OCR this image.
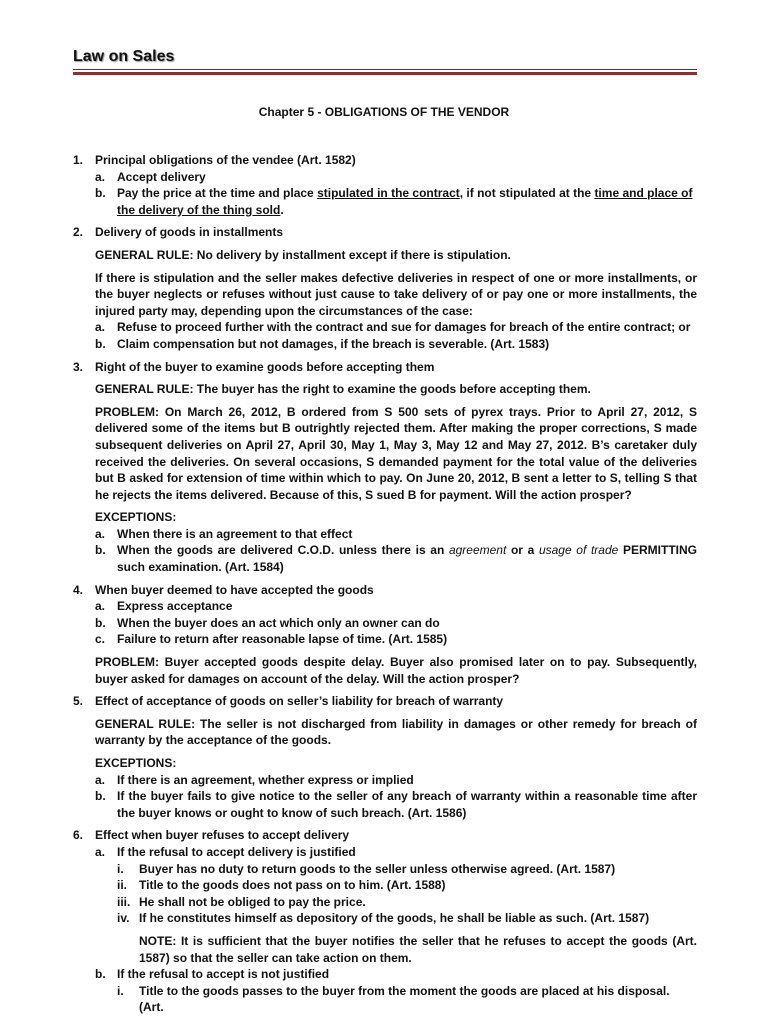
Law on Sales
Chapter 5 - OBLIGATIONS OF THE VENDOR
1. Principal obligations of the vendee (Art. 1582)
a. Accept delivery
b. Pay the price at the time and place stipulated in the contract, if not stipulated at the time and place of the delivery of the thing sold.
2. Delivery of goods in installments
GENERAL RULE: No delivery by installment except if there is stipulation.
If there is stipulation and the seller makes defective deliveries in respect of one or more installments, or the buyer neglects or refuses without just cause to take delivery of or pay one or more installments, the injured party may, depending upon the circumstances of the case:
a. Refuse to proceed further with the contract and sue for damages for breach of the entire contract; or
b. Claim compensation but not damages, if the breach is severable. (Art. 1583)
3. Right of the buyer to examine goods before accepting them
GENERAL RULE: The buyer has the right to examine the goods before accepting them.
PROBLEM: On March 26, 2012, B ordered from S 500 sets of pyrex trays. Prior to April 27, 2012, S delivered some of the items but B outrightly rejected them. After making the proper corrections, S made subsequent deliveries on April 27, April 30, May 1, May 3, May 12 and May 27, 2012. B’s caretaker duly received the deliveries. On several occasions, S demanded payment for the total value of the deliveries but B asked for extension of time within which to pay. On June 20, 2012, B sent a letter to S, telling S that he rejects the items delivered. Because of this, S sued B for payment. Will the action prosper?
EXCEPTIONS:
a. When there is an agreement to that effect
b. When the goods are delivered C.O.D. unless there is an agreement or a usage of trade PERMITTING such examination. (Art. 1584)
4. When buyer deemed to have accepted the goods
a. Express acceptance
b. When the buyer does an act which only an owner can do
c. Failure to return after reasonable lapse of time. (Art. 1585)
PROBLEM: Buyer accepted goods despite delay. Buyer also promised later on to pay. Subsequently, buyer asked for damages on account of the delay. Will the action prosper?
5. Effect of acceptance of goods on seller’s liability for breach of warranty
GENERAL RULE: The seller is not discharged from liability in damages or other remedy for breach of warranty by the acceptance of the goods.
EXCEPTIONS:
a. If there is an agreement, whether express or implied
b. If the buyer fails to give notice to the seller of any breach of warranty within a reasonable time after the buyer knows or ought to know of such breach. (Art. 1586)
6. Effect when buyer refuses to accept delivery
a. If the refusal to accept delivery is justified
i. Buyer has no duty to return goods to the seller unless otherwise agreed. (Art. 1587)
ii. Title to the goods does not pass on to him. (Art. 1588)
iii. He shall not be obliged to pay the price.
iv. If he constitutes himself as depository of the goods, he shall be liable as such. (Art. 1587)
NOTE: It is sufficient that the buyer notifies the seller that he refuses to accept the goods (Art. 1587) so that the seller can take action on them.
b. If the refusal to accept is not justified
i. Title to the goods passes to the buyer from the moment the goods are placed at his disposal. (Art.
